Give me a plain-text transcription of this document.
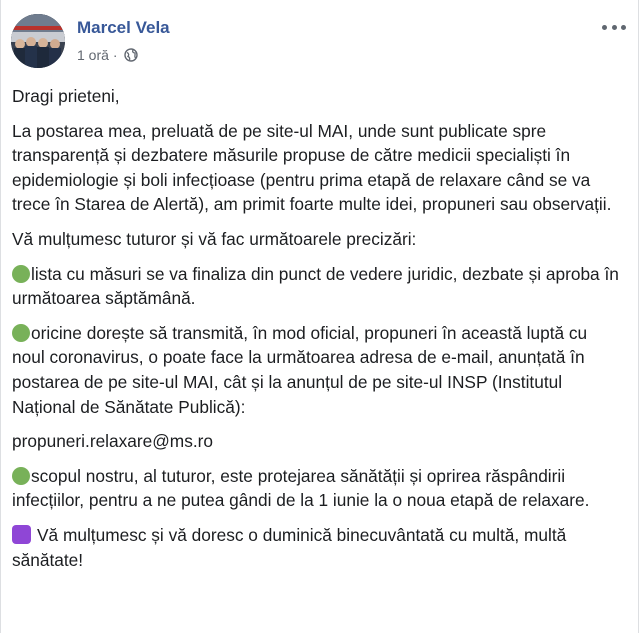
Marcel Vela
1 oră ·

Dragi prieteni,

La postarea mea, preluată de pe site-ul MAI, unde sunt publicate spre transparență și dezbatere măsurile propuse de către medicii specialiști în epidemiologie și boli infecțioase (pentru prima etapă de relaxare când se va trece în Starea de Alertă), am primit foarte multe idei, propuneri sau observații.

Vă mulțumesc tuturor și vă fac următoarele precizări:

lista cu măsuri se va finaliza din punct de vedere juridic, dezbate și aproba în următoarea săptămână.

oricine dorește să transmită, în mod oficial, propuneri în această luptă cu noul coronavirus, o poate face la următoarea adresa de e-mail, anunțată în postarea de pe site-ul MAI, cât și la anunțul de pe site-ul INSP (Institutul Național de Sănătate Publică):

propuneri.relaxare@ms.ro

scopul nostru, al tuturor, este protejarea sănătății și oprirea răspândirii infecțiilor, pentru a ne putea gândi de la 1 iunie la o noua etapă de relaxare.

Vă mulțumesc și vă doresc o duminică binecuvântată cu multă, multă sănătate!
